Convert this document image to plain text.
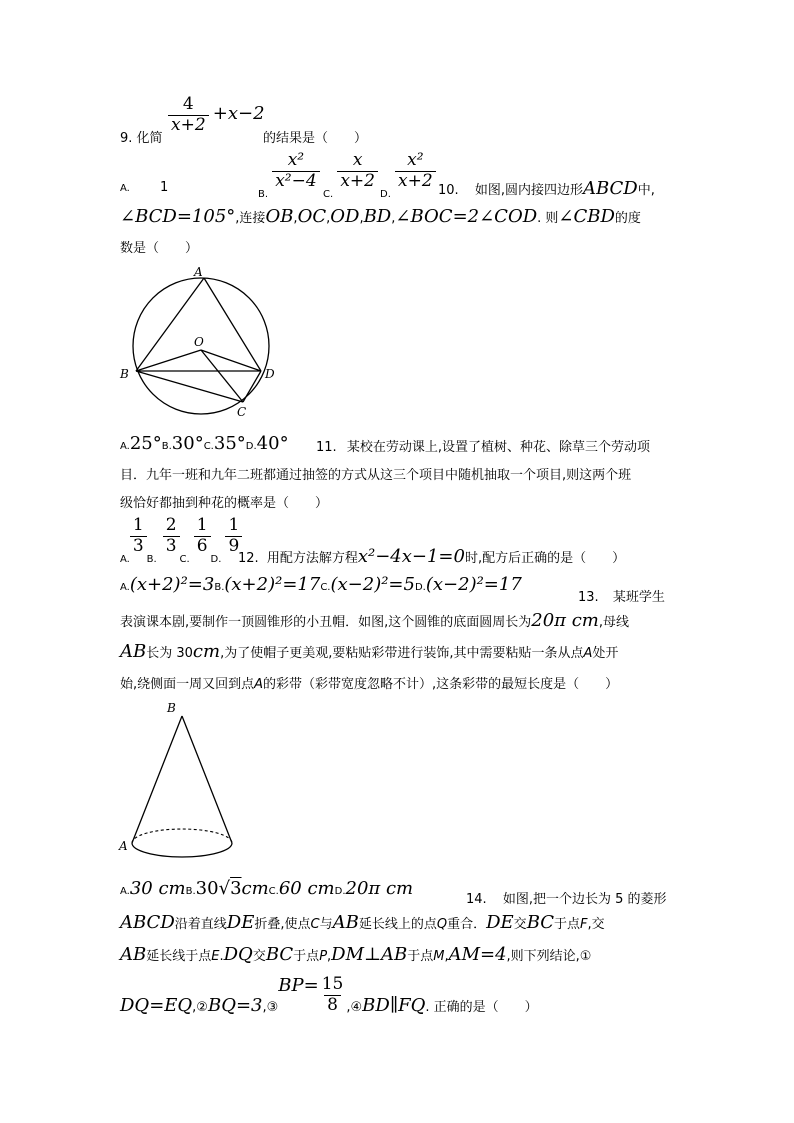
9. 化简
$\frac{4}{x+2} +x-2$
的结果是（　　）
A. 1	$_{B.}$
$\frac{\text{x²}}{\text{x²−4}}$
$_{C.}$
$\frac{x}{x+2}$
$_{D.}$
$\frac{\text{x²}}{x+2} 10$. 如图,圆内接四边形ABCD中,
∠BCD=105°,连接OB,OC,OD,BD,∠BOC=2∠COD. 则∠CBD的度
数是（　　）
A
B
C
D
O
A.25°B.30°C.35°D.40° 11. 某校在劳动课上,设置了植树、种花、除草三个劳动项
目．九年一班和九年二班都通过抽签的方式从这三个项目中随机抽取一个项目,则这两个班
级恰好都抽到种花的概率是（　　）
$_{A.}$
$\frac{1}{3}$
$_{B.}$
$\frac{2}{3}$
$_{C.}$
$\frac{1}{6}$
$_{D.}$
$\frac{1}{9}$
12. 用配方法解方程x²−4x−1=0时,配方后正确的是（　　）
A.(x+2)²=3B.(x+2)²=17C.(x−2)²=5D.(x−2)²=17
13. 某班学生
表演课本剧,要制作一顶圆锥形的小丑帽．如图,这个圆锥的底面圆周长为20π cm,母线
AB长为 30cm,为了使帽子更美观,要粘贴彩带进行装饰,其中需要粘贴一条从点A处开
始,绕侧面一周又回到点A的彩带（彩带宽度忽略不计）,这条彩带的最短长度是（　　）
B
A
A.30 cmB.30√3cmC.60 cmD.20π cm
14. 如图,把一个边长为 5 的菱形
ABCD沿着直线DE折叠,使点C与AB延长线上的点Q重合．DE交BC于点F,交
AB延长线于点E.DQ交BC于点P,DM⊥AB于点M,AM=4,则下列结论,①
DQ=EQ,②BQ=3,③BP= $\frac{15}{8}$ ,④BD∥FQ. 正确的是（　　）
